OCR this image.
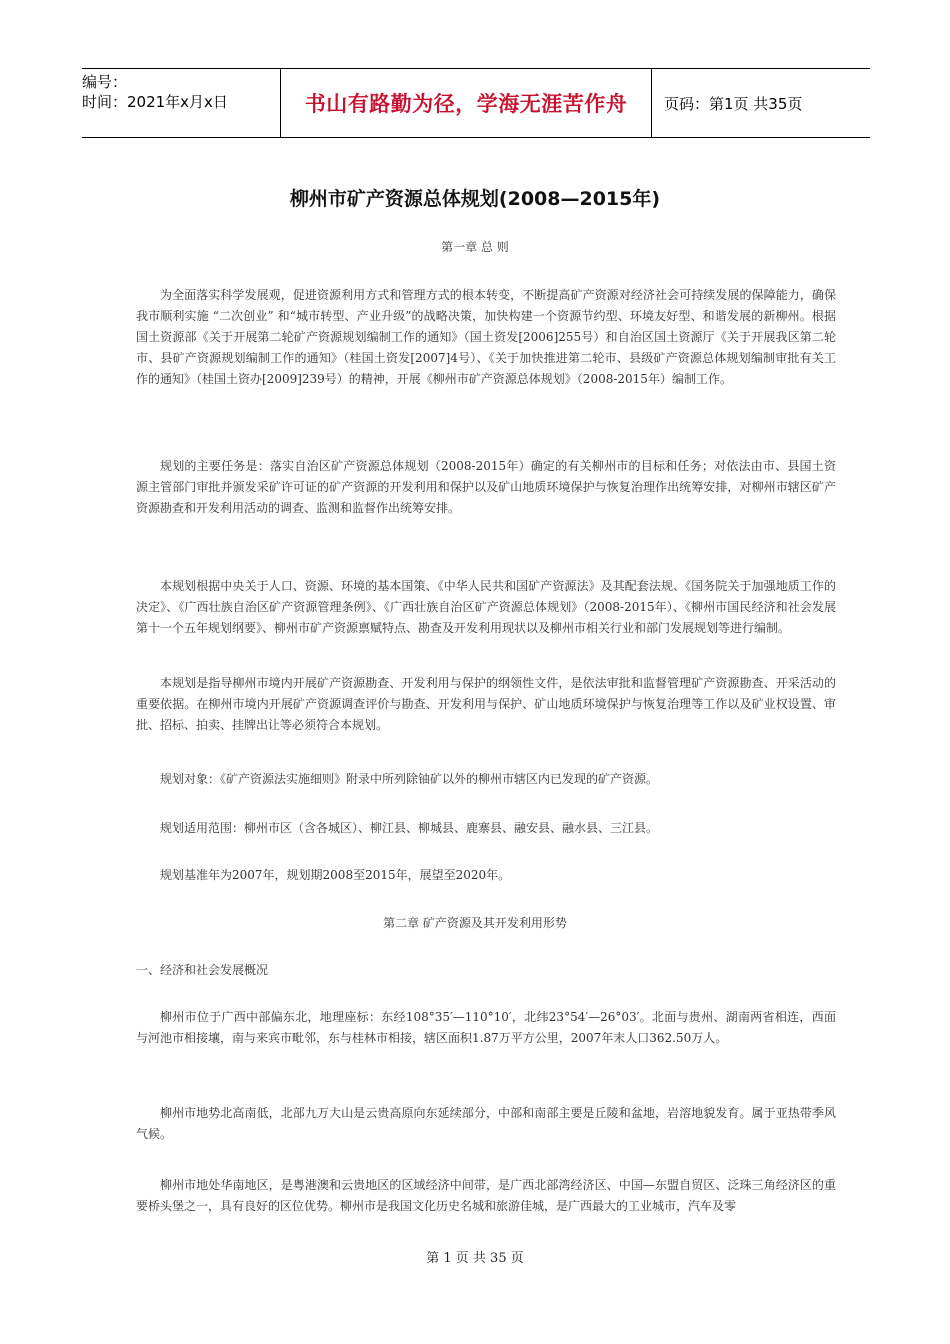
编号：
时间：2021年x月x日	书山有路勤为径，学海无涯苦作舟	页码：第1页 共35页
柳州市矿产资源总体规划(2008—2015年)
第一章 总 则
为全面落实科学发展观，促进资源利用方式和管理方式的根本转变，不断提高矿产资源对经济社会可持续发展的保障能力，确保我市顺利实施 “二次创业” 和“城市转型、产业升级”的战略决策，加快构建一个资源节约型、环境友好型、和谐发展的新柳州。根据国土资源部《关于开展第二轮矿产资源规划编制工作的通知》（国土资发[2006]255号）和自治区国土资源厅《关于开展我区第二轮市、县矿产资源规划编制工作的通知》（桂国土资发[2007]4号）、《关于加快推进第二轮市、县级矿产资源总体规划编制审批有关工作的通知》（桂国土资办[2009]239号）的精神，开展《柳州市矿产资源总体规划》（2008-2015年）编制工作。
规划的主要任务是：落实自治区矿产资源总体规划（2008-2015年）确定的有关柳州市的目标和任务；对依法由市、县国土资源主管部门审批并颁发采矿许可证的矿产资源的开发利用和保护以及矿山地质环境保护与恢复治理作出统筹安排，对柳州市辖区矿产资源勘查和开发利用活动的调查、监测和监督作出统筹安排。
本规划根据中央关于人口、资源、环境的基本国策、《中华人民共和国矿产资源法》及其配套法规、《国务院关于加强地质工作的决定》、《广西壮族自治区矿产资源管理条例》、《广西壮族自治区矿产资源总体规划》（2008-2015年）、《柳州市国民经济和社会发展第十一个五年规划纲要》、柳州市矿产资源禀赋特点、勘查及开发利用现状以及柳州市相关行业和部门发展规划等进行编制。
本规划是指导柳州市境内开展矿产资源勘查、开发利用与保护的纲领性文件，是依法审批和监督管理矿产资源勘查、开采活动的重要依据。在柳州市境内开展矿产资源调查评价与勘查、开发利用与保护、矿山地质环境保护与恢复治理等工作以及矿业权设置、审批、招标、拍卖、挂牌出让等必须符合本规划。
规划对象：《矿产资源法实施细则》附录中所列除铀矿以外的柳州市辖区内已发现的矿产资源。
规划适用范围：柳州市区（含各城区）、柳江县、柳城县、鹿寨县、融安县、融水县、三江县。
规划基准年为2007年，规划期2008至2015年，展望至2020年。
第二章 矿产资源及其开发利用形势
一、经济和社会发展概况
柳州市位于广西中部偏东北，地理座标：东经108°35′—110°10′，北纬23°54′—26°03′。北面与贵州、湖南两省相连，西面与河池市相接壤，南与来宾市毗邻，东与桂林市相接，辖区面积1.87万平方公里，2007年末人口362.50万人。
柳州市地势北高南低，北部九万大山是云贵高原向东延续部分，中部和南部主要是丘陵和盆地，岩溶地貌发育。属于亚热带季风气候。
柳州市地处华南地区，是粤港澳和云贵地区的区域经济中间带，是广西北部湾经济区、中国—东盟自贸区、泛珠三角经济区的重要桥头堡之一，具有良好的区位优势。柳州市是我国文化历史名城和旅游佳城，是广西最大的工业城市，汽车及零
第 1 页 共 35 页
